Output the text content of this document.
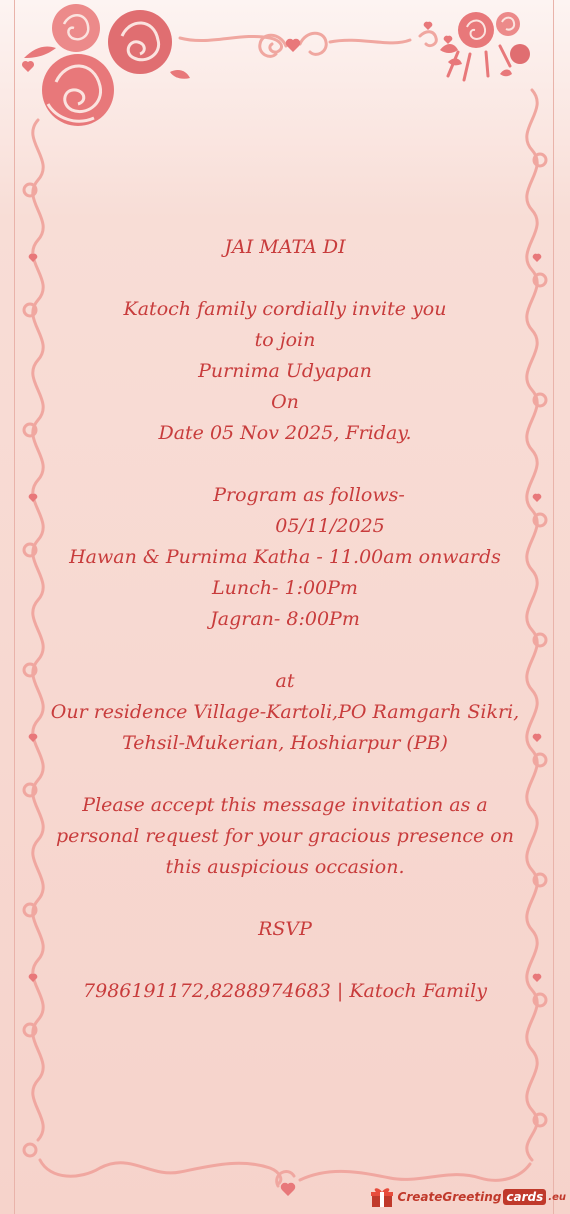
JAI MATA DI
Katoch family cordially invite you
to join
Purnima Udyapan
On
Date 05 Nov 2025, Friday.
Program as follows-
05/11/2025
Hawan & Purnima Katha - 11.00am onwards
Lunch- 1:00Pm
Jagran- 8:00Pm
at
Our residence Village-Kartoli,PO Ramgarh Sikri,
Tehsil-Mukerian, Hoshiarpur (PB)
Please accept this message invitation as a
personal request for your gracious presence on
this auspicious occasion.
RSVP
7986191172,8288974683 | Katoch Family
CreateGreeting cards .eu
